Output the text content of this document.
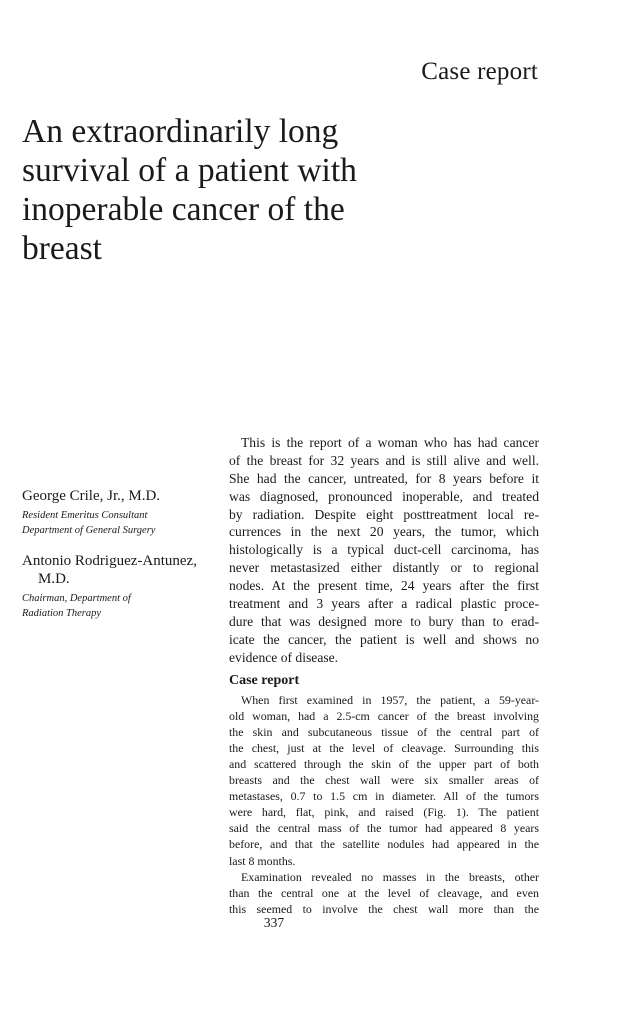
Case report
An extraordinarily long
survival of a patient with
inoperable cancer of the
breast
George Crile, Jr., M.D.
Resident Emeritus Consultant
Department of General Surgery
Antonio Rodriguez-Antunez,
M.D.
Chairman, Department of
Radiation Therapy
This is the report of a woman who has had cancer
of the breast for 32 years and is still alive and well.
She had the cancer, untreated, for 8 years before it
was diagnosed, pronounced inoperable, and treated
by radiation. Despite eight posttreatment local re-
currences in the next 20 years, the tumor, which
histologically is a typical duct-cell carcinoma, has
never metastasized either distantly or to regional
nodes. At the present time, 24 years after the first
treatment and 3 years after a radical plastic proce-
dure that was designed more to bury than to erad-
icate the cancer, the patient is well and shows no
evidence of disease.
Case report
When first examined in 1957, the patient, a 59-year-
old woman, had a 2.5-cm cancer of the breast involving
the skin and subcutaneous tissue of the central part of
the chest, just at the level of cleavage. Surrounding this
and scattered through the skin of the upper part of both
breasts and the chest wall were six smaller areas of
metastases, 0.7 to 1.5 cm in diameter. All of the tumors
were hard, flat, pink, and raised (Fig. 1). The patient
said the central mass of the tumor had appeared 8 years
before, and that the satellite nodules had appeared in the
last 8 months.
Examination revealed no masses in the breasts, other
than the central one at the level of cleavage, and even
this seemed to involve the chest wall more than the
337
